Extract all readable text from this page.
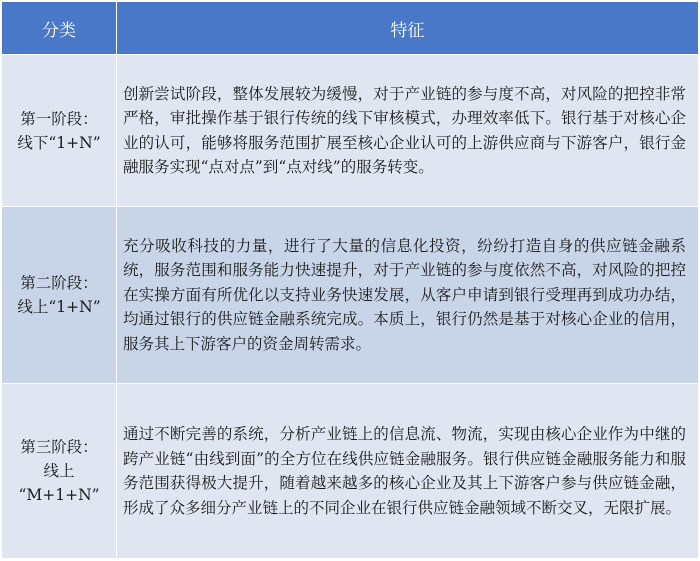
分类	特征

第一阶段：
线下“1+N”	创新尝试阶段，整体发展较为缓慢，对于产业链的参与度不高，对风险的把控非常严格，审批操作基于银行传统的线下审核模式，办理效率低下。银行基于对核心企业的认可，能够将服务范围扩展至核心企业认可的上游供应商与下游客户，银行金融服务实现“点对点”到“点对线”的服务转变。

第二阶段：
线上“1+N”	充分吸收科技的力量，进行了大量的信息化投资，纷纷打造自身的供应链金融系统，服务范围和服务能力快速提升，对于产业链的参与度依然不高，对风险的把控在实操方面有所优化以支持业务快速发展，从客户申请到银行受理再到成功办结，均通过银行的供应链金融系统完成。本质上，银行仍然是基于对核心企业的信用，服务其上下游客户的资金周转需求。

第三阶段：
线上
“M+1+N”	通过不断完善的系统，分析产业链上的信息流、物流，实现由核心企业作为中继的跨产业链“由线到面”的全方位在线供应链金融服务。银行供应链金融服务能力和服务范围获得极大提升，随着越来越多的核心企业及其上下游客户参与供应链金融，形成了众多细分产业链上的不同企业在银行供应链金融领域不断交叉，无限扩展。
